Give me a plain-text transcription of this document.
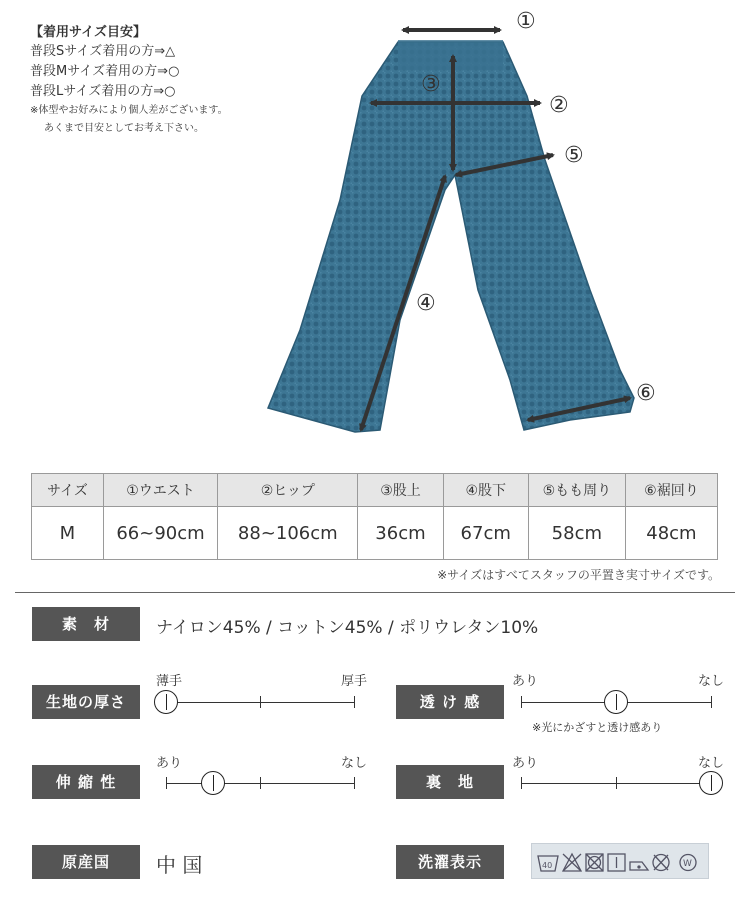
【着用サイズ目安】
普段Sサイズ着用の方⇒△
普段Mサイズ着用の方⇒○
普段Lサイズ着用の方⇒○
※体型やお好みにより個人差がございます。
あくまで目安としてお考え下さい。
①
②
③
④
⑤
⑥
サイズ	①ウエスト	②ヒップ	③股上	④股下	⑤もも周り	⑥裾回り
M	66~90cm	88~106cm	36cm	67cm	58cm	48cm
※サイズはすべてスタッフの平置き実寸サイズです。
素　材	ナイロン45% / コットン45% / ポリウレタン10%
生地の厚さ
薄手	厚手
透 け 感
あり	なし
※光にかざすと透け感あり
伸 縮 性
あり	なし
裏　地
あり	なし
原産国	中 国	洗濯表示	40	W
